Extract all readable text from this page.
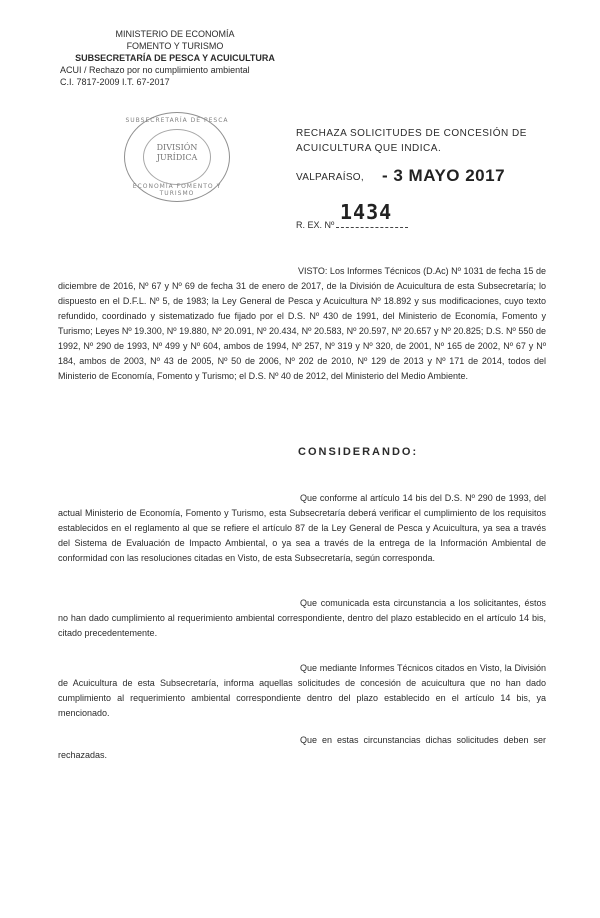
MINISTERIO DE ECONOMÍA
FOMENTO Y TURISMO
SUBSECRETARÍA DE PESCA Y ACUICULTURA
ACUI / Rechazo por no cumplimiento ambiental
C.I. 7817-2009 I.T. 67-2017
SUBSECRETARÍA DE PESCA
DIVISIÓN
JURÍDICA
ECONOMÍA FOMENTO Y TURISMO
RECHAZA SOLICITUDES DE CONCESIÓN DE ACUICULTURA QUE INDICA.
VALPARAÍSO, - 3 MAYO 2017
1434
R. EX. Nº
VISTO: Los Informes Técnicos (D.Ac) Nº 1031 de fecha 15 de diciembre de 2016, Nº 67 y Nº 69 de fecha 31 de enero de 2017, de la División de Acuicultura de esta Subsecretaría; lo dispuesto en el D.F.L. Nº 5, de 1983; la Ley General de Pesca y Acuicultura Nº 18.892 y sus modificaciones, cuyo texto refundido, coordinado y sistematizado fue fijado por el D.S. Nº 430 de 1991, del Ministerio de Economía, Fomento y Turismo; Leyes Nº 19.300, Nº 19.880, Nº 20.091, Nº 20.434, Nº 20.583, Nº 20.597, Nº 20.657 y Nº 20.825; D.S. Nº 550 de 1992, Nº 290 de 1993, Nº 499 y Nº 604, ambos de 1994, Nº 257, Nº 319 y Nº 320, de 2001, Nº 165 de 2002, Nº 67 y Nº 184, ambos de 2003, Nº 43 de 2005, Nº 50 de 2006, Nº 202 de 2010, Nº 129 de 2013 y Nº 171 de 2014, todos del Ministerio de Economía, Fomento y Turismo; el D.S. Nº 40 de 2012, del Ministerio del Medio Ambiente.
CONSIDERANDO:
Que conforme al artículo 14 bis del D.S. Nº 290 de 1993, del actual Ministerio de Economía, Fomento y Turismo, esta Subsecretaría deberá verificar el cumplimiento de los requisitos establecidos en el reglamento al que se refiere el artículo 87 de la Ley General de Pesca y Acuicultura, ya sea a través del Sistema de Evaluación de Impacto Ambiental, o ya sea a través de la entrega de la Información Ambiental de conformidad con las resoluciones citadas en Visto, de esta Subsecretaría, según corresponda.
Que comunicada esta circunstancia a los solicitantes, éstos no han dado cumplimiento al requerimiento ambiental correspondiente, dentro del plazo establecido en el artículo 14 bis, citado precedentemente.
Que mediante Informes Técnicos citados en Visto, la División de Acuicultura de esta Subsecretaría, informa aquellas solicitudes de concesión de acuicultura que no han dado cumplimiento al requerimiento ambiental correspondiente dentro del plazo establecido en el artículo 14 bis, ya mencionado.
Que en estas circunstancias dichas solicitudes deben ser rechazadas.
